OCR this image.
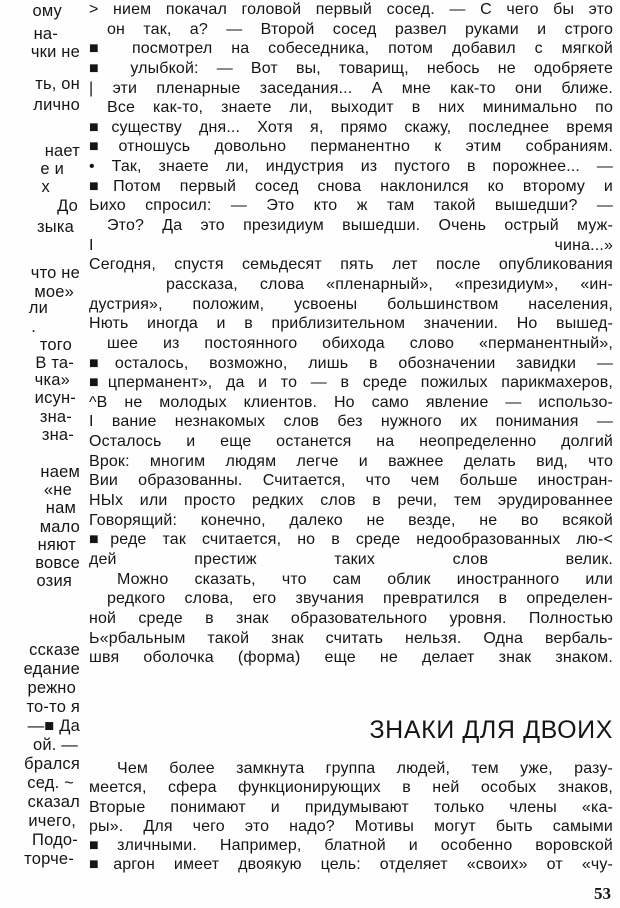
ому
на-
чки не
ть, он
лично
нает
е и
х
До
зыка
что не
мое»
ли
.
того
В та-
чка»
исун-
зна-
зна-
наем
«не
нам
мало
няют
вовсе
озия
ссказе
едание
режно
то-то я
—■ Да
ой. —
брался
сед. ~
сказал
ичего,
Подо-
торче-
> нием покачал головой первый сосед. — С чего бы это
он так, а? — Второй сосед развел руками и строго
■ посмотрел на собеседника, потом добавил с мягкой
■ улыбкой: — Вот вы, товарищ, небось не одобряете
| эти пленарные заседания... А мне как-то они ближе.
Все как-то, знаете ли, выходит в них минимально по
■существу дня... Хотя я, прямо скажу, последнее время
■отношусь довольно перманентно к этим собраниям.
• Так, знаете ли, индустрия из пустого в порожнее... —
■Потом первый сосед снова наклонился ко второму и
Ьихо спросил: — Это кто ж там такой вышедши? —
Это? Да это президиум вышедши. Очень острый муж-
I чина...»
Сегодня, спустя семьдесят пять лет после опубликования
рассказа, слова «пленарный», «президиум», «ин-
дустрия», положим, усвоены большинством населения,
Нють иногда и в приблизительном значении. Но вышед-
шее из постоянного обихода слово «перманентный»,
■осталось, возможно, лишь в обозначении завидки —
■цперманент», да и то — в среде пожилых парикмахеров,
^В не молодых клиентов. Но само явление — использо-
I вание незнакомых слов без нужного их понимания —
Осталось и еще останется на неопределенно долгий
Врок: многим людям легче и важнее делать вид, что
Вии образованны. Считается, что чем больше иностран-
НЫх или просто редких слов в речи, тем эрудированнее
Говорящий: конечно, далеко не везде, не во всякой
■реде так считается, но в среде недообразованных лю-<
дей престиж таких слов велик.
Можно сказать, что сам облик иностранного или
редкого слова, его звучания превратился в определен-
ной среде в знак образовательного уровня. Полностью
Ь«рбальным такой знак считать нельзя. Одна вербаль-
швя оболочка (форма) еще не делает знак знаком.
ЗНАКИ ДЛЯ ДВОИХ
Чем более замкнута группа людей, тем уже, разу-
меется, сфера функционирующих в ней особых знаков,
Вторые понимают и придумывают только члены «ка-
ры». Для чего это надо? Мотивы могут быть самыми
■зличными. Например, блатной и особенно воровской
■аргон имеет двоякую цель: отделяет «своих» от «чу-
53
